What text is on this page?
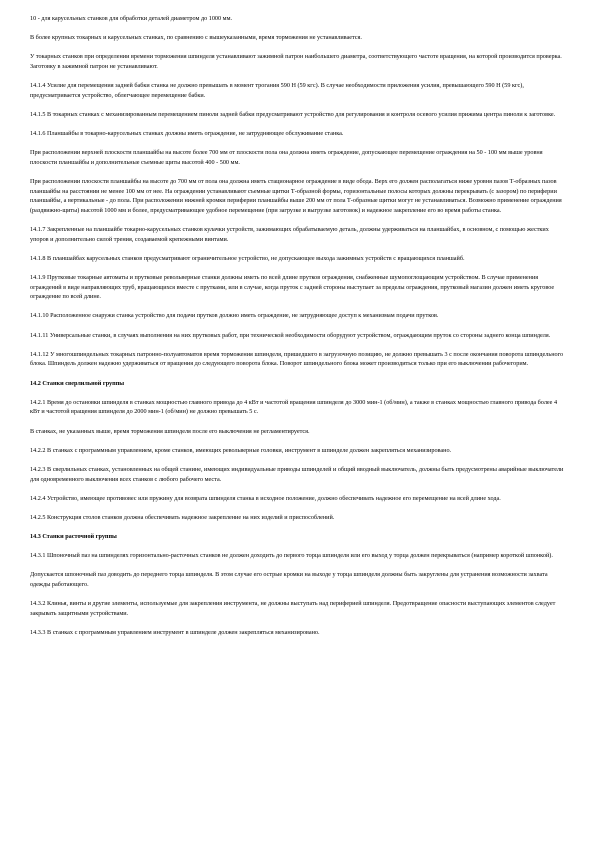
10 - для карусельных станков для обработки деталей диаметром до 1000 мм.

В более крупных токарных и карусельных станках, по сравнению с вышеуказанными, время торможения не устанавливается.

У токарных станков при определении времени торможения шпинделя устанавливают зажимной патрон наибольшего диаметра, соответствующего частоте вращения, на которой производится проверка. Заготовку в зажимной патрон не устанавливают.

14.1.4 Усилие для перемещения задней бабки станка не должно превышать в момент трогания 590 Н (59 кгс). В случае необходимости приложения усилия, превышающего 590 Н (59 кгс), предусматривается устройство, облегчающее перемещение бабки.

14.1.5 В токарных станках с механизированным перемещением пиноли задней бабки предусматривают устройство для регулирования и контроля осевого усилия прижима центра пиноли к заготовке.

14.1.6 Планшайбы в токарно-карусельных станках должны иметь ограждение, не затрудняющее обслуживание станка.

При расположении верхней плоскости планшайбы на высоте более 700 мм от плоскости пола она должна иметь ограждение, допускающее перемещение ограждения на 50 - 100 мм выше уровня плоскости планшайбы и дополнительные съемные щиты высотой 400 - 500 мм.

При расположении плоскости планшайбы на высоте до 700 мм от пола она должна иметь стационарное ограждение в виде обода. Верх его должен располагаться ниже уровня пазов Т-образных пазов планшайбы на расстоянии не менее 100 мм от нее. На ограждении устанавливают съемные щитки Т-образной формы, горизонтальные полосы которых должны перекрывать (с зазором) по периферии планшайбы, а вертикальные - до пола. При расположении нижней кромки периферии планшайбы выше 200 мм от пола Т-образные щитки могут не устанавливаться. Возможно применение ограждения (раздвижно-щиты) высотой 1000 мм и более, предусматривающее удобное перемещение (при загрузке и выгрузке заготовок) и надежное закрепление его во время работы станка.

14.1.7 Закрепленные на планшайбе токарно-карусельных станков кулачки устройств, зажимающих обрабатываемую деталь, должны удерживаться на планшайбах, в основном, с помощью жестких упоров и дополнительно силой трения, создаваемой крепежными винтами.

14.1.8 В планшайбах карусельных станков предусматривают ограничительное устройство, не допускающее выхода зажимных устройств с вращающихся планшайб.

14.1.9 Прутковые токарные автоматы и прутковые револьверные станки должны иметь по всей длине прутков ограждения, снабженные шумопоглощающим устройством. В случае применения ограждений в виде направляющих труб, вращающихся вместе с прутками, или в случае, когда пруток с задней стороны выступает за пределы ограждения, прутковый магазин должен иметь круговое ограждение по всей длине.

14.1.10 Расположенное снаружи станка устройство для подачи прутков должно иметь ограждение, не затрудняющее доступ к механизмам подачи прутков.

14.1.11 Универсальные станки, в случаях выполнения на них прутковых работ, при технической необходимости оборудуют устройством, ограждающим пруток со стороны заднего конца шпинделя.

14.1.12 У многошпиндельных токарных патронно-полуавтоматов время торможения шпинделя, пришедшего в загрузочную позицию, не должно превышать 3 с после окончания поворота шпиндельного блока. Шпиндель должен надежно удерживаться от вращения до следующего поворота блока. Поворот шпиндельного блока может производиться только при его выключении рабочегорим.

14.2 Станки сверлильной группы

14.2.1 Время до остановки шпинделя в станках мощностью главного привода до 4 кВт и частотой вращения шпинделя до 3000 мин-1 (об/мин), а также в станках мощностью главного привода более 4 кВт и частотой вращения шпинделя до 2000 мин-1 (об/мин) не должно превышать 5 с.

В станках, не указанных выше, время торможения шпинделя после его выключения не регламентируется.

14.2.2 В станках с программным управлением, кроме станков, имеющих револьверные головки, инструмент в шпинделе должен закрепляться механизировано.

14.2.3 В сверлильных станках, установленных на общей станине, имеющих индивидуальные приводы шпинделей и общий вводный выключатель, должны быть предусмотрены аварийные выключатели для одновременного выключения всех станков с любого рабочего места.

14.2.4 Устройство, имеющее противовес или пружину для возврата шпинделя станка в исходное положение, должно обеспечивать надежное его перемещение на всей длине хода.

14.2.5 Конструкция столов станков должна обеспечивать надежное закрепление на них изделий и приспособлений.

14.3 Станки расточной группы

14.3.1 Шпоночный паз на шпинделях горизонтально-расточных станков не должен доходить до первого торца шпинделя или его выход у торца должен перекрываться (например короткой шпонкой).

Допускается шпоночный паз доводить до переднего торца шпинделя. В этом случае его острые кромки на выходе у торца шпинделя должны быть закруглены для устранения возможности захвата одежды работающего.

14.3.2 Клинья, винты и другие элементы, используемые для закрепления инструмента, не должны выступать над периферией шпинделя. Предотвращение опасности выступающих элементов следует закрывать защитными устройствами.

14.3.3 В станках с программным управлением инструмент в шпинделе должен закрепляться механизировано.
